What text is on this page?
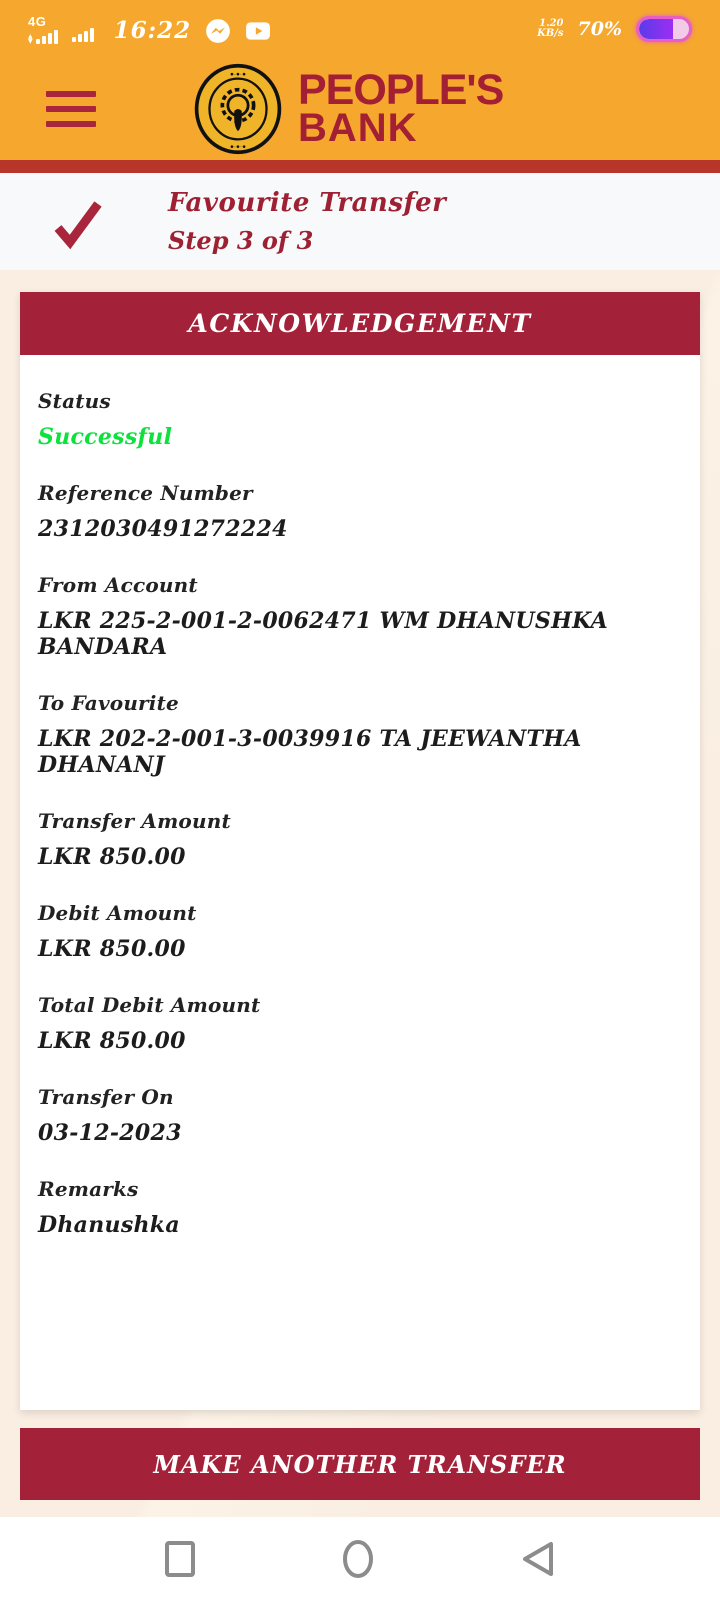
4G
▲
▼	16:22	1.20
KB/s 70%
●·●·●
●·●·●
PEOPLE'S
BANK
Favourite Transfer
Step 3 of 3
ACKNOWLEDGEMENT
Status
Successful
Reference Number
2312030491272224
From Account
LKR 225-2-001-2-0062471 WM DHANUSHKA BANDARA
To Favourite
LKR 202-2-001-3-0039916 TA JEEWANTHA DHANANJ
Transfer Amount
LKR 850.00
Debit Amount
LKR 850.00
Total Debit Amount
LKR 850.00
Transfer On
03-12-2023
Remarks
Dhanushka
MAKE ANOTHER TRANSFER
